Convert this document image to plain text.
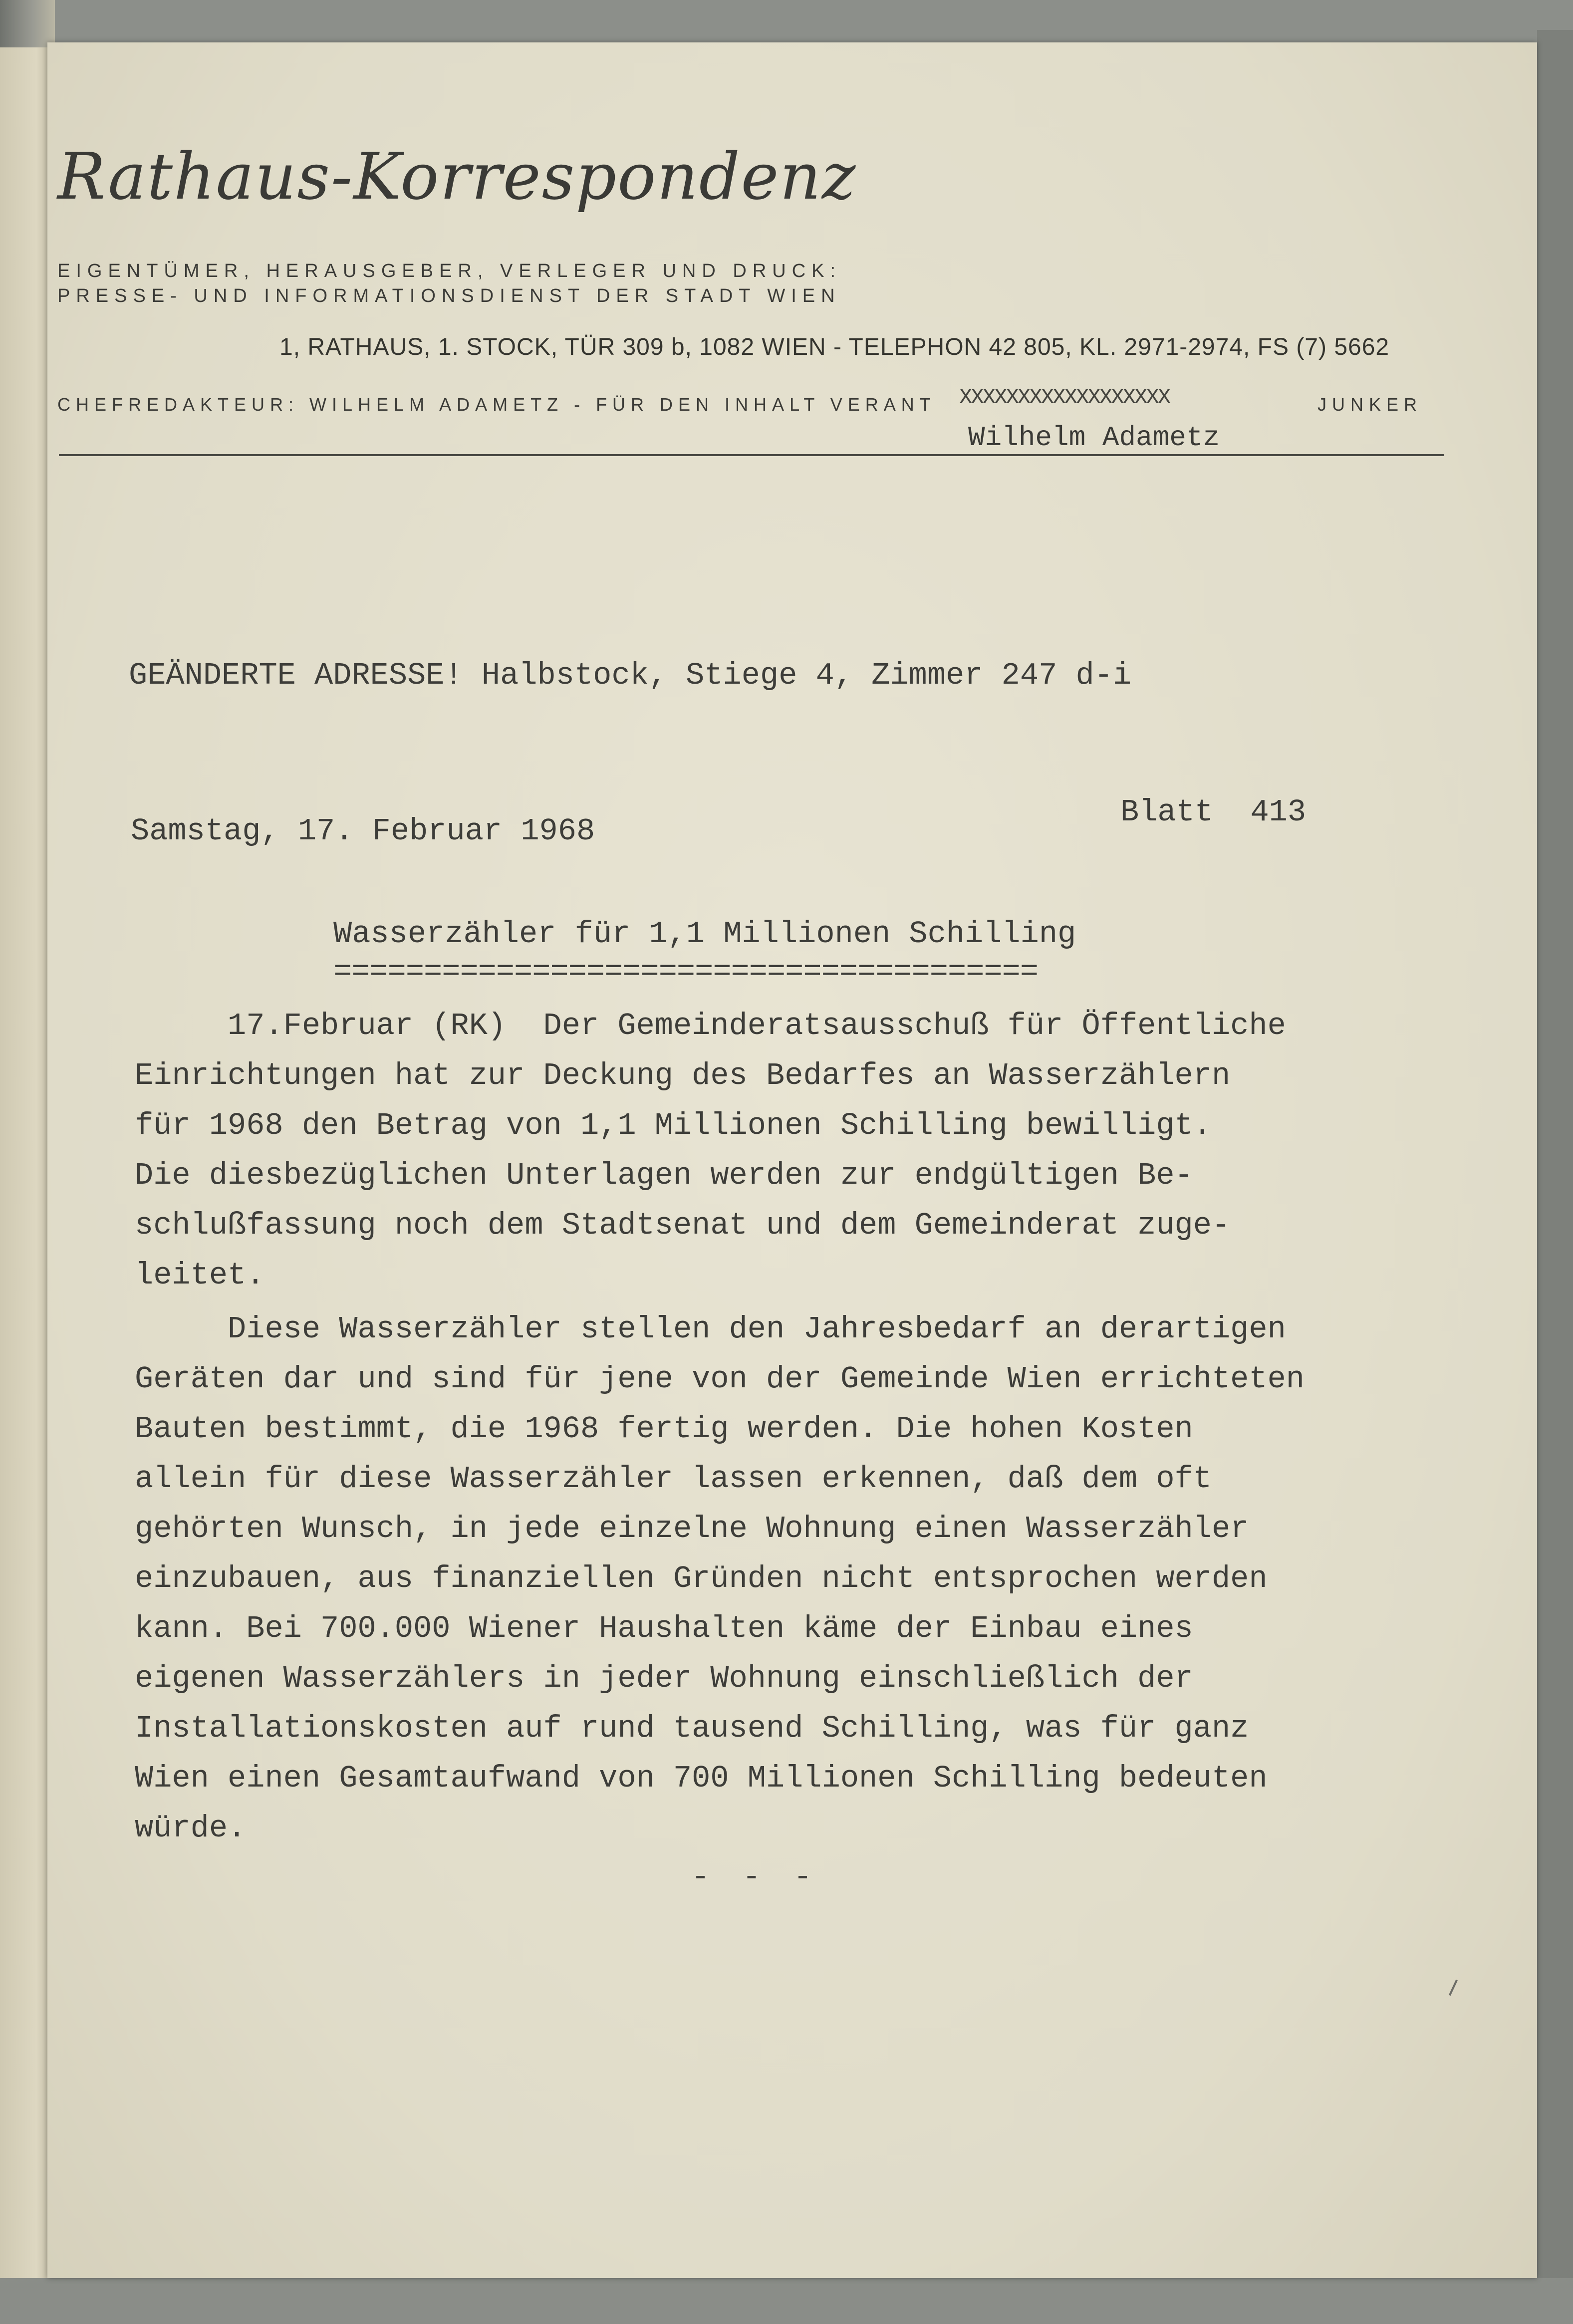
Rathaus-Korrespondenz
EIGENTÜMER, HERAUSGEBER, VERLEGER UND DRUCK:
PRESSE- UND INFORMATIONSDIENST DER STADT WIEN
1, RATHAUS, 1. STOCK, TÜR 309 b, 1082 WIEN - TELEPHON 42 805, KL. 2971-2974, FS (7) 5662
CHEFREDAKTEUR: WILHELM ADAMETZ - FÜR DEN INHALT VERANT XXXXXXXXXXXXXXXXXX	JUNKER
Wilhelm Adametz
GEÄNDERTE ADRESSE! Halbstock, Stiege 4, Zimmer 247 d-i
Samstag, 17. Februar 1968
Blatt 413
Wasserzähler für 1,1 Millionen Schilling
=======================================
17.Februar (RK)  Der Gemeinderatsausschuß für Öffentliche
Einrichtungen hat zur Deckung des Bedarfes an Wasserzählern
für 1968 den Betrag von 1,1 Millionen Schilling bewilligt.
Die diesbezüglichen Unterlagen werden zur endgültigen Be-
schlußfassung noch dem Stadtsenat und dem Gemeinderat zuge-
leitet.
Diese Wasserzähler stellen den Jahresbedarf an derartigen
Geräten dar und sind für jene von der Gemeinde Wien errichteten
Bauten bestimmt, die 1968 fertig werden. Die hohen Kosten
allein für diese Wasserzähler lassen erkennen, daß dem oft
gehörten Wunsch, in jede einzelne Wohnung einen Wasserzähler
einzubauen, aus finanziellen Gründen nicht entsprochen werden
kann. Bei 700.000 Wiener Haushalten käme der Einbau eines
eigenen Wasserzählers in jeder Wohnung einschließlich der
Installationskosten auf rund tausend Schilling, was für ganz
Wien einen Gesamtaufwand von 700 Millionen Schilling bedeuten
würde.
- - -
